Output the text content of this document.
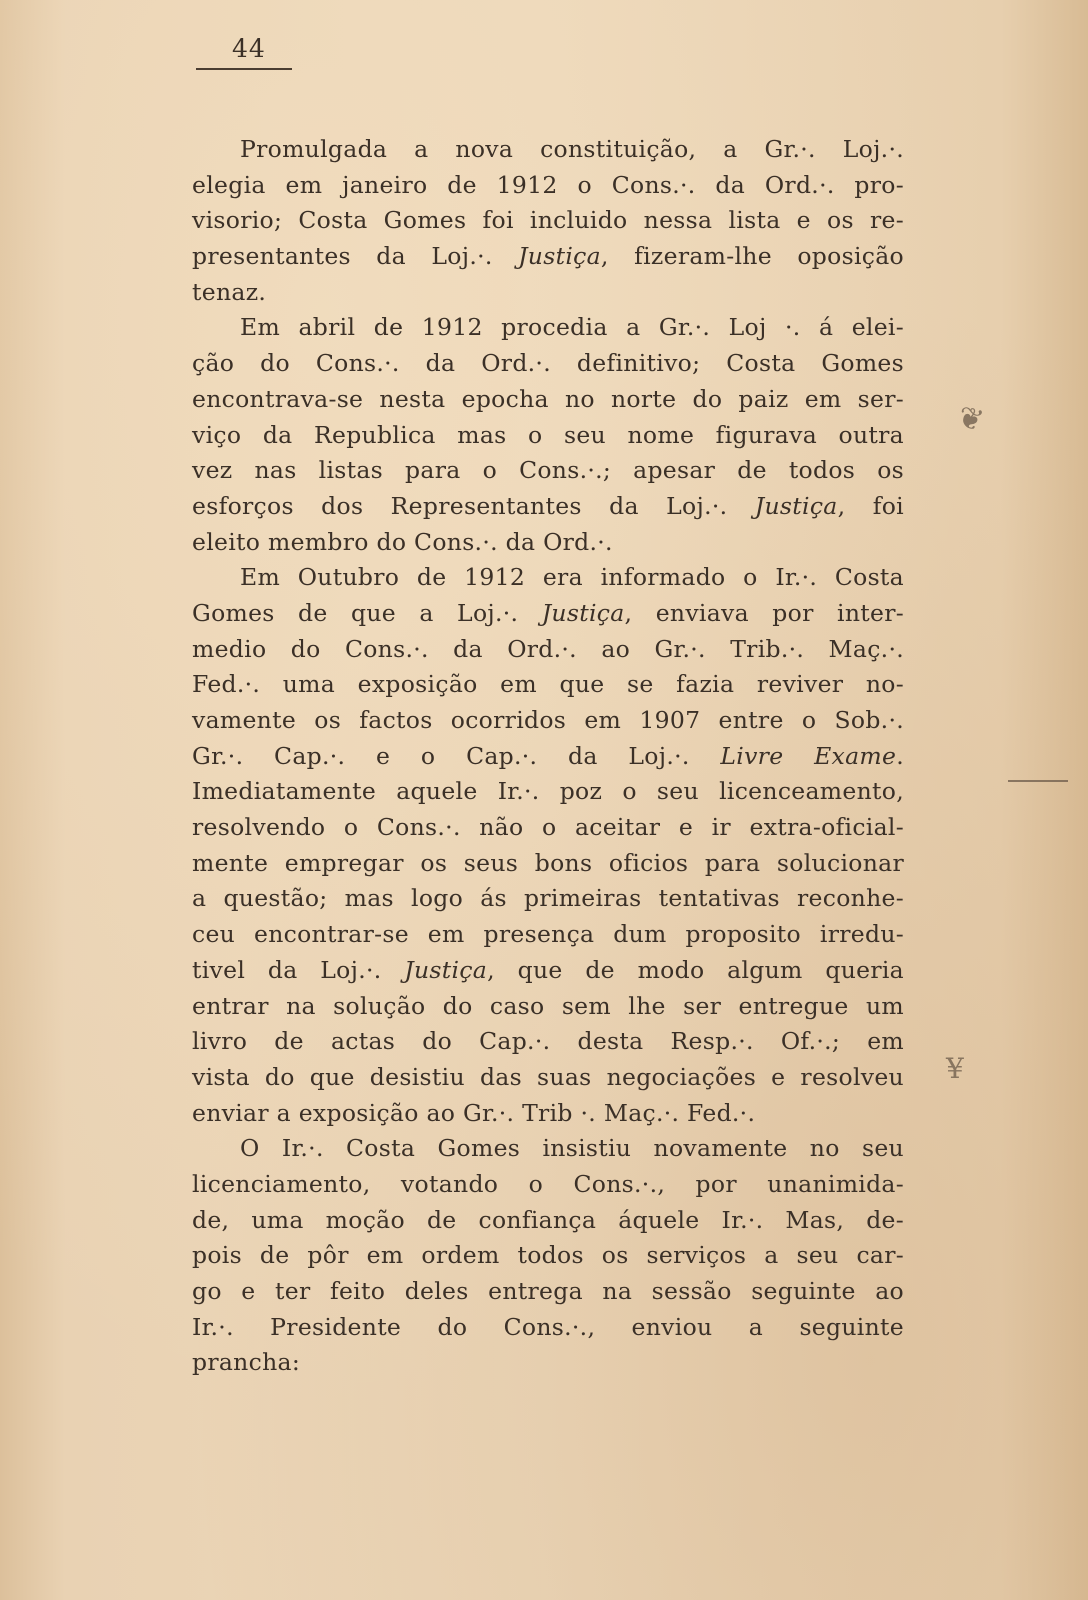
44
Promulgada a nova constituição, a Gr.·. Loj.·.
elegia em janeiro de 1912 o Cons.·. da Ord.·. pro-
visorio; Costa Gomes foi incluido nessa lista e os re-
presentantes da Loj.·. Justiça, fizeram-lhe oposição
tenaz.
Em abril de 1912 procedia a Gr.·. Loj ·. á elei-
ção do Cons.·. da Ord.·. definitivo; Costa Gomes
encontrava-se nesta epocha no norte do paiz em ser-
viço da Republica mas o seu nome figurava outra
vez nas listas para o Cons.·.; apesar de todos os
esforços dos Representantes da Loj.·. Justiça, foi
eleito membro do Cons.·. da Ord.·.
Em Outubro de 1912 era informado o Ir.·. Costa
Gomes de que a Loj.·. Justiça, enviava por inter-
medio do Cons.·. da Ord.·. ao Gr.·. Trib.·. Maç.·.
Fed.·. uma exposição em que se fazia reviver no-
vamente os factos ocorridos em 1907 entre o Sob.·.
Gr.·. Cap.·. e o Cap.·. da Loj.·. Livre Exame.
Imediatamente aquele Ir.·. poz o seu licenceamento,
resolvendo o Cons.·. não o aceitar e ir extra-oficial-
mente empregar os seus bons oficios para solucionar
a questão; mas logo ás primeiras tentativas reconhe-
ceu encontrar-se em presença dum proposito irredu-
tivel da Loj.·. Justiça, que de modo algum queria
entrar na solução do caso sem lhe ser entregue um
livro de actas do Cap.·. desta Resp.·. Of.·.; em
vista do que desistiu das suas negociações e resolveu
enviar a exposição ao Gr.·. Trib ·. Maç.·. Fed.·.
O Ir.·. Costa Gomes insistiu novamente no seu
licenciamento, votando o Cons.·., por unanimida-
de, uma moção de confiança áquele Ir.·. Mas, de-
pois de pôr em ordem todos os serviços a seu car-
go e ter feito deles entrega na sessão seguinte ao
Ir.·. Presidente do Cons.·., enviou a seguinte
prancha:
❦
¥
